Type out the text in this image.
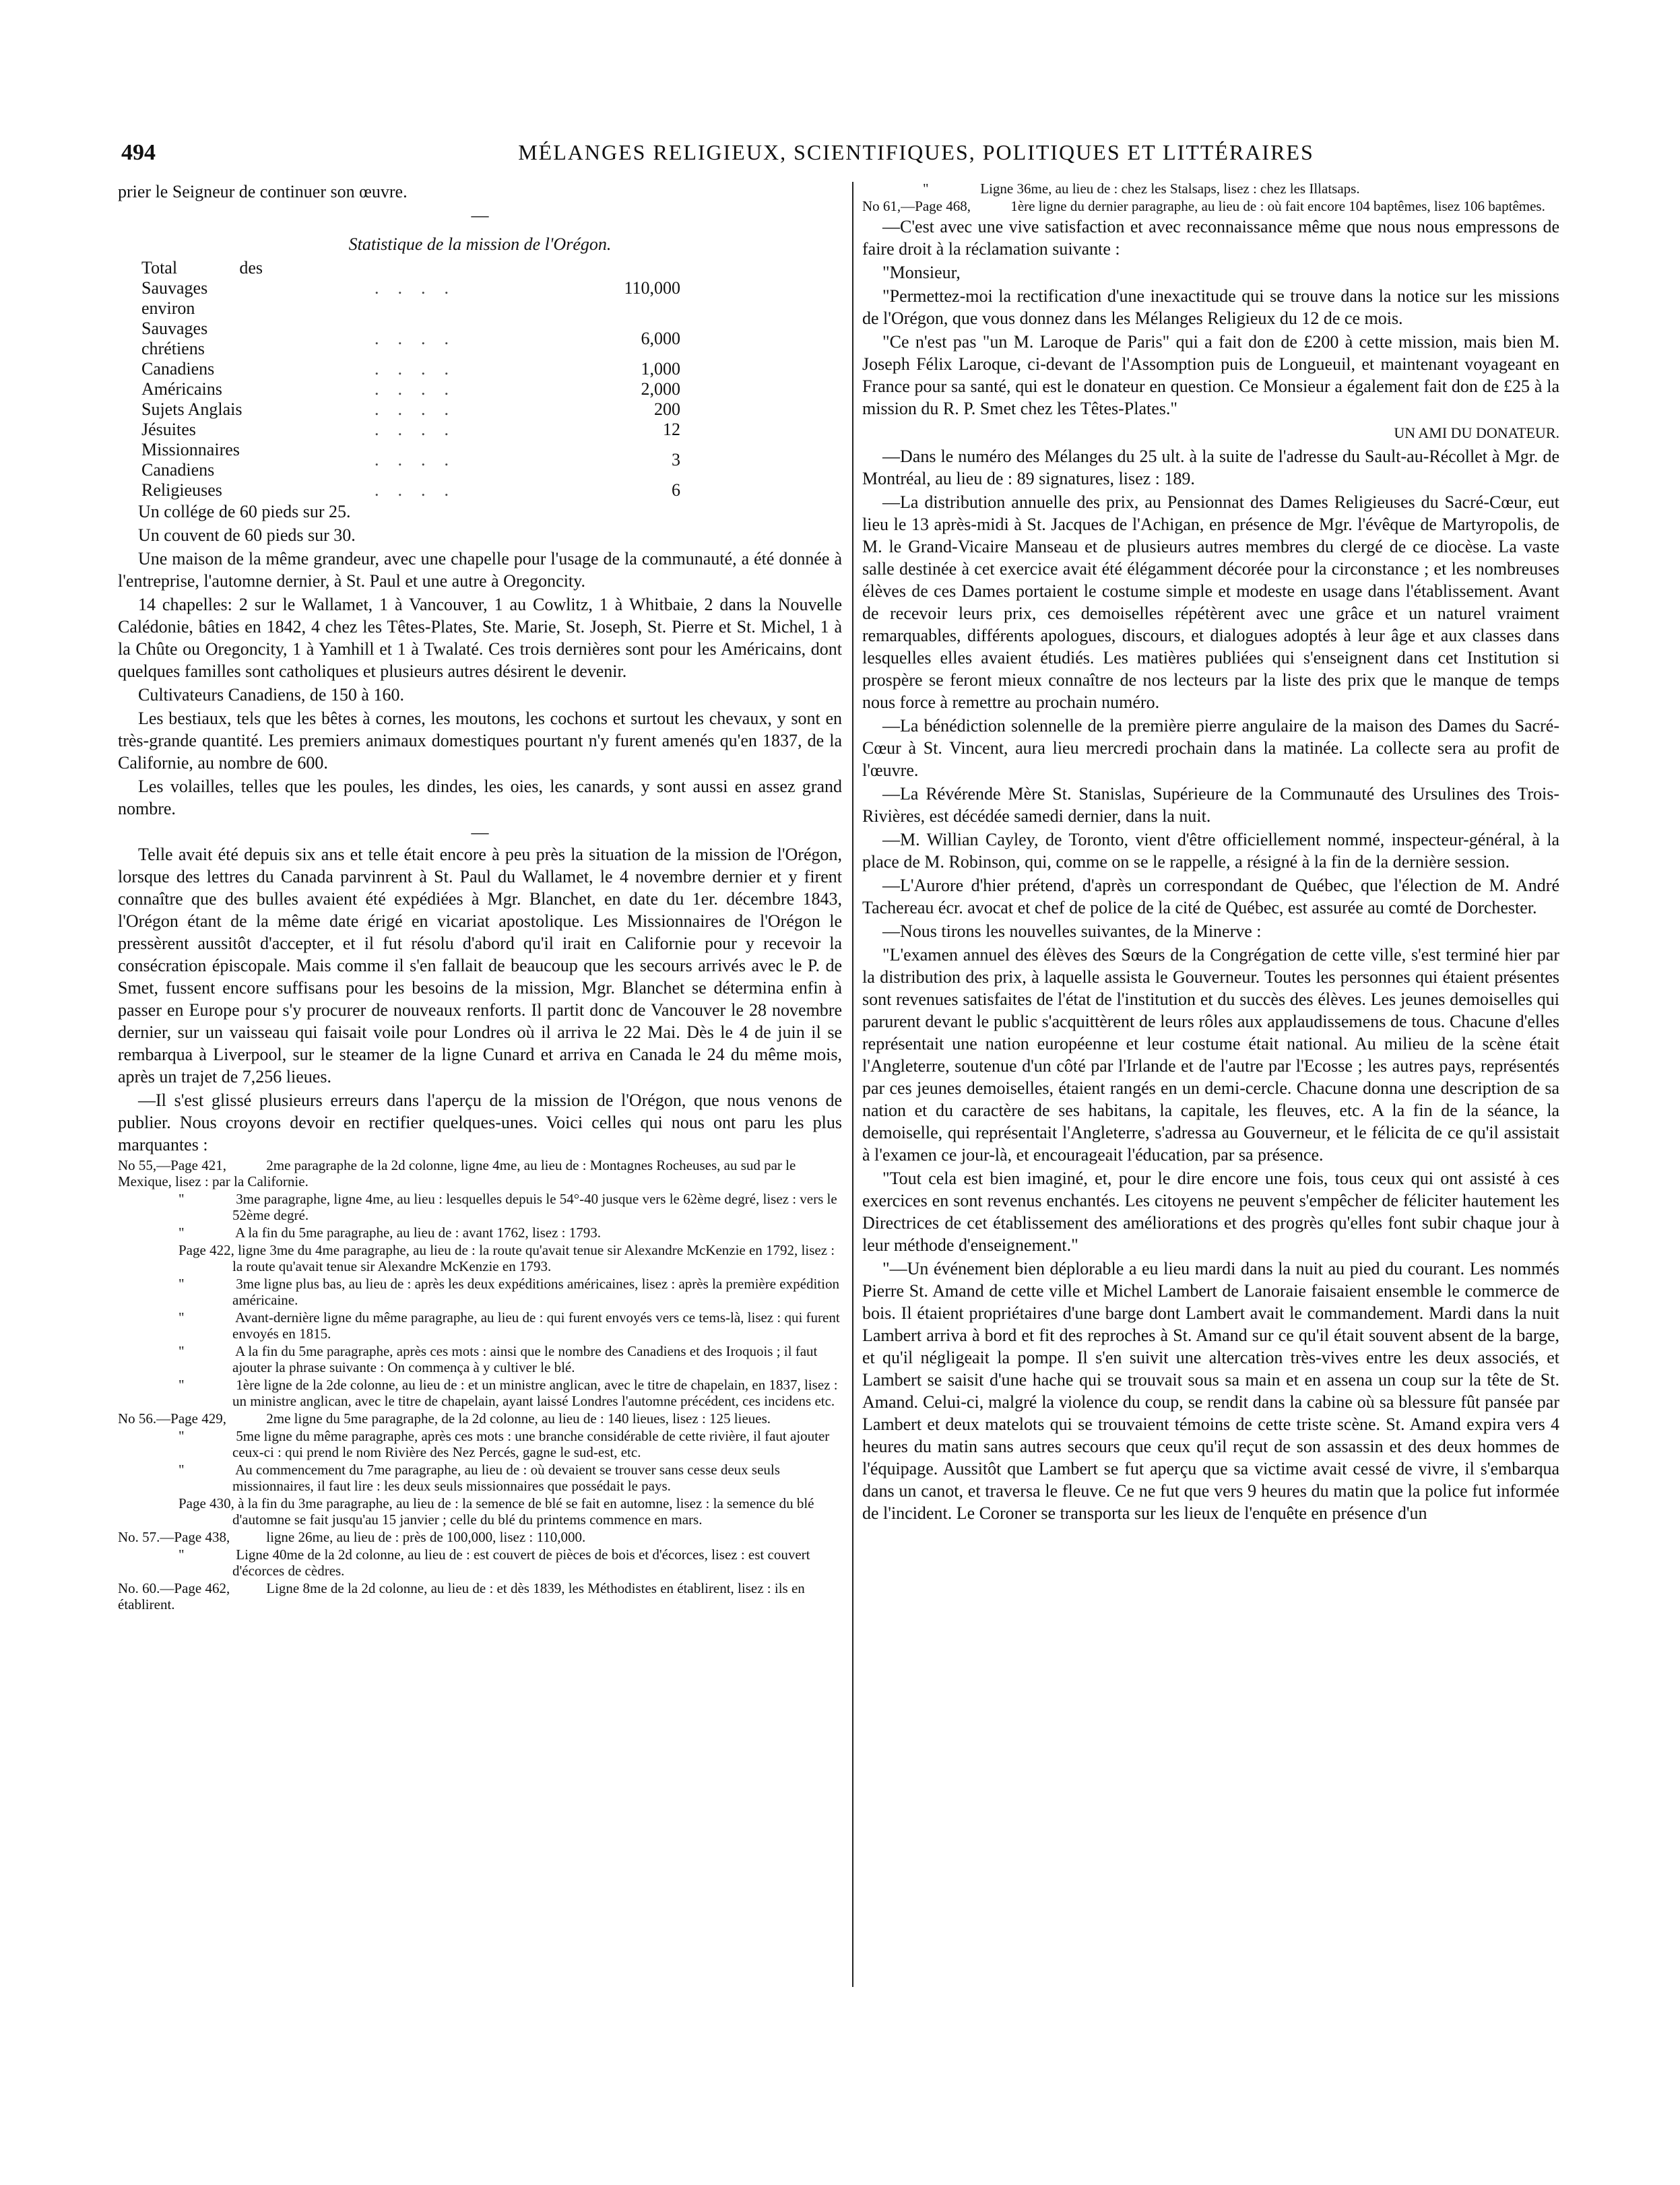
494	MÉLANGES RELIGIEUX, SCIENTIFIQUES, POLITIQUES ET LITTÉRAIRES

prier le Seigneur de continuer son œuvre.

—

Statistique de la mission de l'Orégon.

Total des Sauvages environ	....	110,000
Sauvages chrétiens	....	6,000
Canadiens	....	1,000
Américains	....	2,000
Sujets Anglais	....	200
Jésuites	....	12
Missionnaires Canadiens	....	3
Religieuses	....	6

Un collége de 60 pieds sur 25.

Un couvent de 60 pieds sur 30.

Une maison de la même grandeur, avec une chapelle pour l'usage de la communauté, a été donnée à l'entreprise, l'automne dernier, à St. Paul et une autre à Oregoncity.

14 chapelles: 2 sur le Wallamet, 1 à Vancouver, 1 au Cowlitz, 1 à Whitbaie, 2 dans la Nouvelle Calédonie, bâties en 1842, 4 chez les Têtes-Plates, Ste. Marie, St. Joseph, St. Pierre et St. Michel, 1 à la Chûte ou Oregoncity, 1 à Yamhill et 1 à Twalaté. Ces trois dernières sont pour les Américains, dont quelques familles sont catholiques et plusieurs autres désirent le devenir.

Cultivateurs Canadiens, de 150 à 160.

Les bestiaux, tels que les bêtes à cornes, les moutons, les cochons et surtout les chevaux, y sont en très-grande quantité. Les premiers animaux domestiques pourtant n'y furent amenés qu'en 1837, de la Californie, au nombre de 600.

Les volailles, telles que les poules, les dindes, les oies, les canards, y sont aussi en assez grand nombre.

—

Telle avait été depuis six ans et telle était encore à peu près la situation de la mission de l'Orégon, lorsque des lettres du Canada parvinrent à St. Paul du Wallamet, le 4 novembre dernier et y firent connaître que des bulles avaient été expédiées à Mgr. Blanchet, en date du 1er. décembre 1843, l'Orégon étant de la même date érigé en vicariat apostolique. Les Missionnaires de l'Orégon le pressèrent aussitôt d'accepter, et il fut résolu d'abord qu'il irait en Californie pour y recevoir la consécration épiscopale. Mais comme il s'en fallait de beaucoup que les secours arrivés avec le P. de Smet, fussent encore suffisans pour les besoins de la mission, Mgr. Blanchet se détermina enfin à passer en Europe pour s'y procurer de nouveaux renforts. Il partit donc de Vancouver le 28 novembre dernier, sur un vaisseau qui faisait voile pour Londres où il arriva le 22 Mai. Dès le 4 de juin il se rembarqua à Liverpool, sur le steamer de la ligne Cunard et arriva en Canada le 24 du même mois, après un trajet de 7,256 lieues.

—Il s'est glissé plusieurs erreurs dans l'aperçu de la mission de l'Orégon, que nous venons de publier. Nous croyons devoir en rectifier quelques-unes. Voici celles qui nous ont paru les plus marquantes :

No 55,—Page 421,	2me paragraphe de la 2d colonne, ligne 4me, au lieu de : Montagnes Rocheuses, au sud par le Mexique, lisez : par la Californie.

"	3me paragraphe, ligne 4me, au lieu : lesquelles depuis le 54°-40 jusque vers le 62ème degré, lisez : vers le 52ème degré.

"	A la fin du 5me paragraphe, au lieu de : avant 1762, lisez : 1793.

Page 422, ligne 3me du 4me paragraphe, au lieu de : la route qu'avait tenue sir Alexandre McKenzie en 1792, lisez : la route qu'avait tenue sir Alexandre McKenzie en 1793.

"	3me ligne plus bas, au lieu de : après les deux expéditions américaines, lisez : après la première expédition américaine.

"	Avant-dernière ligne du même paragraphe, au lieu de : qui furent envoyés vers ce tems-là, lisez : qui furent envoyés en 1815.

"	A la fin du 5me paragraphe, après ces mots : ainsi que le nombre des Canadiens et des Iroquois ; il faut ajouter la phrase suivante : On commença à y cultiver le blé.

"	1ère ligne de la 2de colonne, au lieu de : et un ministre anglican, avec le titre de chapelain, en 1837, lisez : un ministre anglican, avec le titre de chapelain, ayant laissé Londres l'automne précédent, ces incidens etc.

No 56.—Page 429,	2me ligne du 5me paragraphe, de la 2d colonne, au lieu de : 140 lieues, lisez : 125 lieues.

"	5me ligne du même paragraphe, après ces mots : une branche considérable de cette rivière, il faut ajouter ceux-ci : qui prend le nom Rivière des Nez Percés, gagne le sud-est, etc.

"	Au commencement du 7me paragraphe, au lieu de : où devaient se trouver sans cesse deux seuls missionnaires, il faut lire : les deux seuls missionnaires que possédait le pays.

Page 430, à la fin du 3me paragraphe, au lieu de : la semence de blé se fait en automne, lisez : la semence du blé d'automne se fait jusqu'au 15 janvier ; celle du blé du printems commence en mars.

No. 57.—Page 438,	ligne 26me, au lieu de : près de 100,000, lisez : 110,000.

"	Ligne 40me de la 2d colonne, au lieu de : est couvert de pièces de bois et d'écorces, lisez : est couvert d'écorces de cèdres.

No. 60.—Page 462,	Ligne 8me de la 2d colonne, au lieu de : et dès 1839, les Méthodistes en établirent, lisez : ils en établirent.

"	Ligne 36me, au lieu de : chez les Stalsaps, lisez : chez les Illatsaps.

No 61,—Page 468,	1ère ligne du dernier paragraphe, au lieu de : où fait encore 104 baptêmes, lisez 106 baptêmes.

—C'est avec une vive satisfaction et avec reconnaissance même que nous nous empressons de faire droit à la réclamation suivante :

"Monsieur,

"Permettez-moi la rectification d'une inexactitude qui se trouve dans la notice sur les missions de l'Orégon, que vous donnez dans les Mélanges Religieux du 12 de ce mois.

"Ce n'est pas "un M. Laroque de Paris" qui a fait don de £200 à cette mission, mais bien M. Joseph Félix Laroque, ci-devant de l'Assomption puis de Longueuil, et maintenant voyageant en France pour sa santé, qui est le donateur en question. Ce Monsieur a également fait don de £25 à la mission du R. P. Smet chez les Têtes-Plates."

UN AMI DU DONATEUR.

—Dans le numéro des Mélanges du 25 ult. à la suite de l'adresse du Sault-au-Récollet à Mgr. de Montréal, au lieu de : 89 signatures, lisez : 189.

—La distribution annuelle des prix, au Pensionnat des Dames Religieuses du Sacré-Cœur, eut lieu le 13 après-midi à St. Jacques de l'Achigan, en présence de Mgr. l'évêque de Martyropolis, de M. le Grand-Vicaire Manseau et de plusieurs autres membres du clergé de ce diocèse. La vaste salle destinée à cet exercice avait été élégamment décorée pour la circonstance ; et les nombreuses élèves de ces Dames portaient le costume simple et modeste en usage dans l'établissement. Avant de recevoir leurs prix, ces demoiselles répétèrent avec une grâce et un naturel vraiment remarquables, différents apologues, discours, et dialogues adoptés à leur âge et aux classes dans lesquelles elles avaient étudiés. Les matières publiées qui s'enseignent dans cet Institution si prospère se feront mieux connaître de nos lecteurs par la liste des prix que le manque de temps nous force à remettre au prochain numéro.

—La bénédiction solennelle de la première pierre angulaire de la maison des Dames du Sacré-Cœur à St. Vincent, aura lieu mercredi prochain dans la matinée. La collecte sera au profit de l'œuvre.

—La Révérende Mère St. Stanislas, Supérieure de la Communauté des Ursulines des Trois-Rivières, est décédée samedi dernier, dans la nuit.

—M. Willian Cayley, de Toronto, vient d'être officiellement nommé, inspecteur-général, à la place de M. Robinson, qui, comme on se le rappelle, a résigné à la fin de la dernière session.

—L'Aurore d'hier prétend, d'après un correspondant de Québec, que l'élection de M. André Tachereau écr. avocat et chef de police de la cité de Québec, est assurée au comté de Dorchester.

—Nous tirons les nouvelles suivantes, de la Minerve :

"L'examen annuel des élèves des Sœurs de la Congrégation de cette ville, s'est terminé hier par la distribution des prix, à laquelle assista le Gouverneur. Toutes les personnes qui étaient présentes sont revenues satisfaites de l'état de l'institution et du succès des élèves. Les jeunes demoiselles qui parurent devant le public s'acquittèrent de leurs rôles aux applaudissemens de tous. Chacune d'elles représentait une nation européenne et leur costume était national. Au milieu de la scène était l'Angleterre, soutenue d'un côté par l'Irlande et de l'autre par l'Ecosse ; les autres pays, représentés par ces jeunes demoiselles, étaient rangés en un demi-cercle. Chacune donna une description de sa nation et du caractère de ses habitans, la capitale, les fleuves, etc. A la fin de la séance, la demoiselle, qui représentait l'Angleterre, s'adressa au Gouverneur, et le félicita de ce qu'il assistait à l'examen ce jour-là, et encourageait l'éducation, par sa présence.

"Tout cela est bien imaginé, et, pour le dire encore une fois, tous ceux qui ont assisté à ces exercices en sont revenus enchantés. Les citoyens ne peuvent s'empêcher de féliciter hautement les Directrices de cet établissement des améliorations et des progrès qu'elles font subir chaque jour à leur méthode d'enseignement."

"—Un événement bien déplorable a eu lieu mardi dans la nuit au pied du courant. Les nommés Pierre St. Amand de cette ville et Michel Lambert de Lanoraie faisaient ensemble le commerce de bois. Il étaient propriétaires d'une barge dont Lambert avait le commandement. Mardi dans la nuit Lambert arriva à bord et fit des reproches à St. Amand sur ce qu'il était souvent absent de la barge, et qu'il négligeait la pompe. Il s'en suivit une altercation très-vives entre les deux associés, et Lambert se saisit d'une hache qui se trouvait sous sa main et en assena un coup sur la tête de St. Amand. Celui-ci, malgré la violence du coup, se rendit dans la cabine où sa blessure fût pansée par Lambert et deux matelots qui se trouvaient témoins de cette triste scène. St. Amand expira vers 4 heures du matin sans autres secours que ceux qu'il reçut de son assassin et des deux hommes de l'équipage. Aussitôt que Lambert se fut aperçu que sa victime avait cessé de vivre, il s'embarqua dans un canot, et traversa le fleuve. Ce ne fut que vers 9 heures du matin que la police fut informée de l'incident. Le Coroner se transporta sur les lieux de l'enquête en présence d'un
